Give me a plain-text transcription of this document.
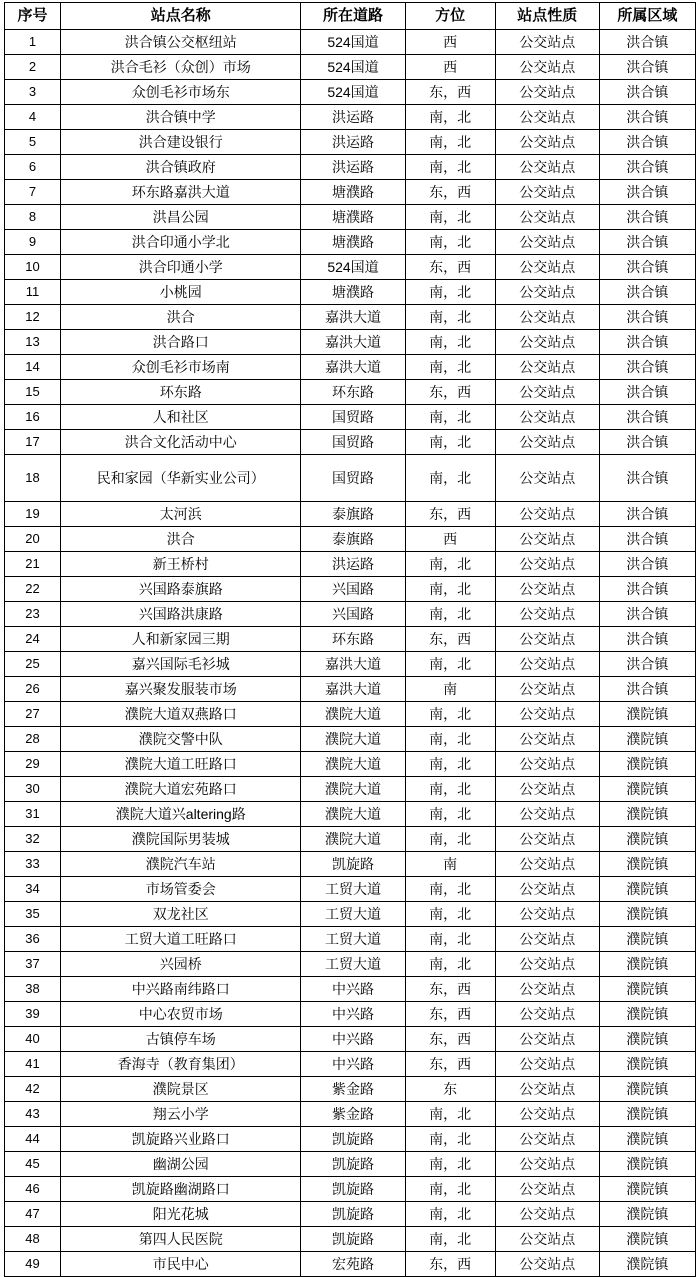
序号	站点名称	所在道路	方位	站点性质	所属区域
1	洪合镇公交枢纽站	524国道	西	公交站点	洪合镇
2	洪合毛衫（众创）市场	524国道	西	公交站点	洪合镇
3	众创毛衫市场东	524国道	东，西	公交站点	洪合镇
4	洪合镇中学	洪运路	南，北	公交站点	洪合镇
5	洪合建设银行	洪运路	南，北	公交站点	洪合镇
6	洪合镇政府	洪运路	南，北	公交站点	洪合镇
7	环东路嘉洪大道	塘濮路	东，西	公交站点	洪合镇
8	洪昌公园	塘濮路	南，北	公交站点	洪合镇
9	洪合印通小学北	塘濮路	南，北	公交站点	洪合镇
10	洪合印通小学	524国道	东，西	公交站点	洪合镇
11	小桃园	塘濮路	南，北	公交站点	洪合镇
12	洪合	嘉洪大道	南，北	公交站点	洪合镇
13	洪合路口	嘉洪大道	南，北	公交站点	洪合镇
14	众创毛衫市场南	嘉洪大道	南，北	公交站点	洪合镇
15	环东路	环东路	东，西	公交站点	洪合镇
16	人和社区	国贸路	南，北	公交站点	洪合镇
17	洪合文化活动中心	国贸路	南，北	公交站点	洪合镇
18	民和家园（华新实业公司）	国贸路	南，北	公交站点	洪合镇
19	太河浜	泰旗路	东，西	公交站点	洪合镇
20	洪合	泰旗路	西	公交站点	洪合镇
21	新王桥村	洪运路	南，北	公交站点	洪合镇
22	兴国路泰旗路	兴国路	南，北	公交站点	洪合镇
23	兴国路洪康路	兴国路	南，北	公交站点	洪合镇
24	人和新家园三期	环东路	东，西	公交站点	洪合镇
25	嘉兴国际毛衫城	嘉洪大道	南，北	公交站点	洪合镇
26	嘉兴聚发服装市场	嘉洪大道	南	公交站点	洪合镇
27	濮院大道双燕路口	濮院大道	南，北	公交站点	濮院镇
28	濮院交警中队	濮院大道	南，北	公交站点	濮院镇
29	濮院大道工旺路口	濮院大道	南，北	公交站点	濮院镇
30	濮院大道宏苑路口	濮院大道	南，北	公交站点	濮院镇
31	濮院大道兴altering路	濮院大道	南，北	公交站点	濮院镇
32	濮院国际男装城	濮院大道	南，北	公交站点	濮院镇
33	濮院汽车站	凯旋路	南	公交站点	濮院镇
34	市场管委会	工贸大道	南，北	公交站点	濮院镇
35	双龙社区	工贸大道	南，北	公交站点	濮院镇
36	工贸大道工旺路口	工贸大道	南，北	公交站点	濮院镇
37	兴园桥	工贸大道	南，北	公交站点	濮院镇
38	中兴路南纬路口	中兴路	东，西	公交站点	濮院镇
39	中心农贸市场	中兴路	东，西	公交站点	濮院镇
40	古镇停车场	中兴路	东，西	公交站点	濮院镇
41	香海寺（教育集团）	中兴路	东，西	公交站点	濮院镇
42	濮院景区	紫金路	东	公交站点	濮院镇
43	翔云小学	紫金路	南，北	公交站点	濮院镇
44	凯旋路兴业路口	凯旋路	南，北	公交站点	濮院镇
45	幽湖公园	凯旋路	南，北	公交站点	濮院镇
46	凯旋路幽湖路口	凯旋路	南，北	公交站点	濮院镇
47	阳光花城	凯旋路	南，北	公交站点	濮院镇
48	第四人民医院	凯旋路	南，北	公交站点	濮院镇
49	市民中心	宏苑路	东，西	公交站点	濮院镇
